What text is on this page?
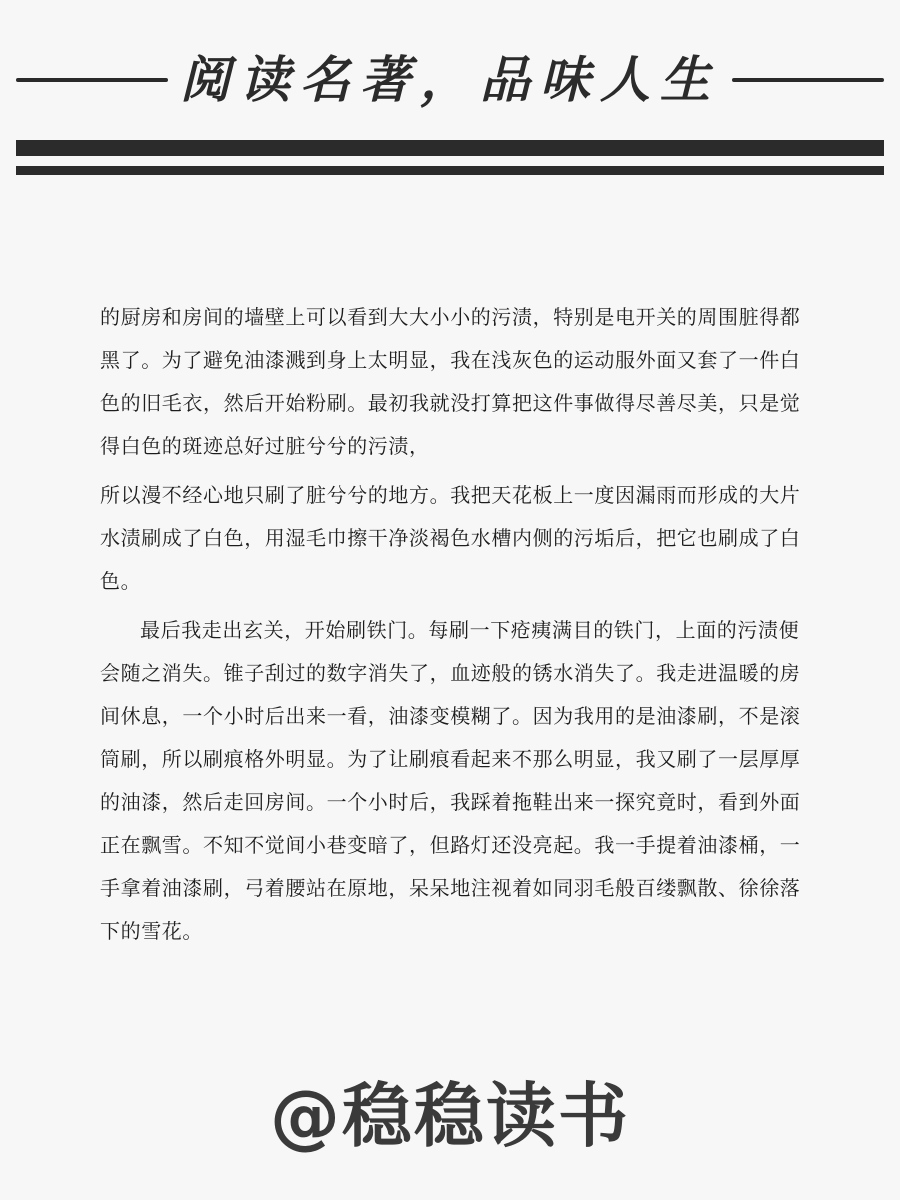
阅读名著，品味人生

的厨房和房间的墙壁上可以看到大大小小的污渍，特别是电开关的周围脏得都黑了。为了避免油漆溅到身上太明显，我在浅灰色的运动服外面又套了一件白色的旧毛衣，然后开始粉刷。最初我就没打算把这件事做得尽善尽美，只是觉得白色的斑迹总好过脏兮兮的污渍，

所以漫不经心地只刷了脏兮兮的地方。我把天花板上一度因漏雨而形成的大片水渍刷成了白色，用湿毛巾擦干净淡褐色水槽内侧的污垢后，把它也刷成了白色。

最后我走出玄关，开始刷铁门。每刷一下疮痍满目的铁门，上面的污渍便会随之消失。锥子刮过的数字消失了，血迹般的锈水消失了。我走进温暖的房间休息，一个小时后出来一看，油漆变模糊了。因为我用的是油漆刷，不是滚筒刷，所以刷痕格外明显。为了让刷痕看起来不那么明显，我又刷了一层厚厚的油漆，然后走回房间。一个小时后，我踩着拖鞋出来一探究竟时，看到外面正在飘雪。不知不觉间小巷变暗了，但路灯还没亮起。我一手提着油漆桶，一手拿着油漆刷，弓着腰站在原地，呆呆地注视着如同羽毛般百缕飘散、徐徐落下的雪花。

@稳稳读书
